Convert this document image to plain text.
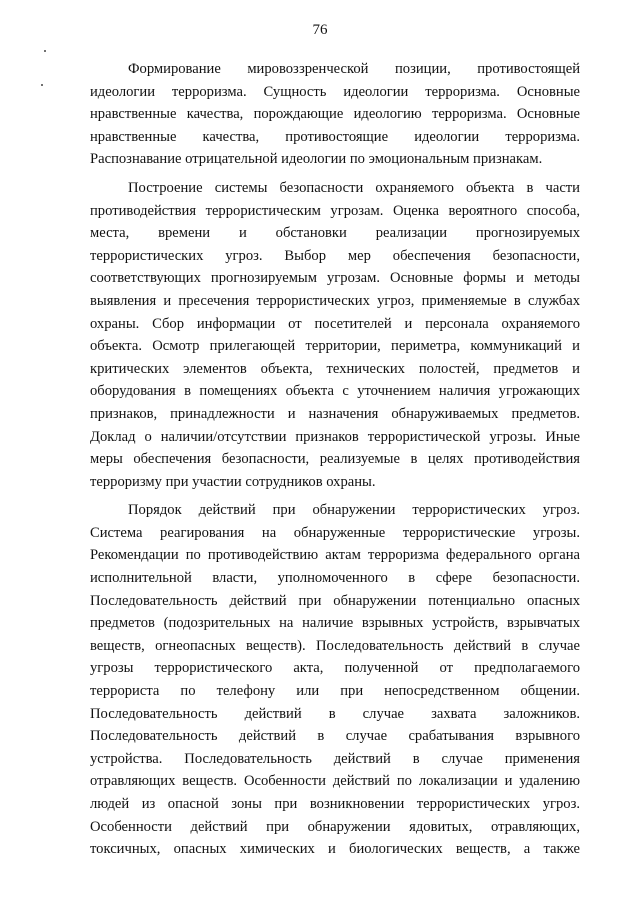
76
Формирование мировоззренческой позиции, противостоящей
идеологии терроризма. Сущность идеологии терроризма. Основные
нравственные качества, порождающие идеологию терроризма. Основные
нравственные качества, противостоящие идеологии терроризма.
Распознавание отрицательной идеологии по эмоциональным признакам.
Построение системы безопасности охраняемого объекта в части
противодействия террористическим угрозам. Оценка вероятного способа,
места, времени и обстановки реализации прогнозируемых
террористических угроз. Выбор мер обеспечения безопасности,
соответствующих прогнозируемым угрозам. Основные формы и методы
выявления и пресечения террористических угроз, применяемые в службах
охраны. Сбор информации от посетителей и персонала охраняемого
объекта. Осмотр прилегающей территории, периметра, коммуникаций и
критических элементов объекта, технических полостей, предметов и
оборудования в помещениях объекта с уточнением наличия угрожающих
признаков, принадлежности и назначения обнаруживаемых предметов.
Доклад о наличии/отсутствии признаков террористической угрозы. Иные
меры обеспечения безопасности, реализуемые в целях противодействия
терроризму при участии сотрудников охраны.
Порядок действий при обнаружении террористических угроз.
Система реагирования на обнаруженные террористические угрозы.
Рекомендации по противодействию актам терроризма федерального органа
исполнительной власти, уполномоченного в сфере безопасности.
Последовательность действий при обнаружении потенциально опасных
предметов (подозрительных на наличие взрывных устройств, взрывчатых
веществ, огнеопасных веществ). Последовательность действий в случае
угрозы террористического акта, полученной от предполагаемого
террориста по телефону или при непосредственном общении.
Последовательность действий в случае захвата заложников.
Последовательность действий в случае срабатывания взрывного
устройства. Последовательность действий в случае применения
отравляющих веществ. Особенности действий по локализации и удалению
людей из опасной зоны при возникновении террористических угроз.
Особенности действий при обнаружении ядовитых, отравляющих,
токсичных, опасных химических и биологических веществ, а также
